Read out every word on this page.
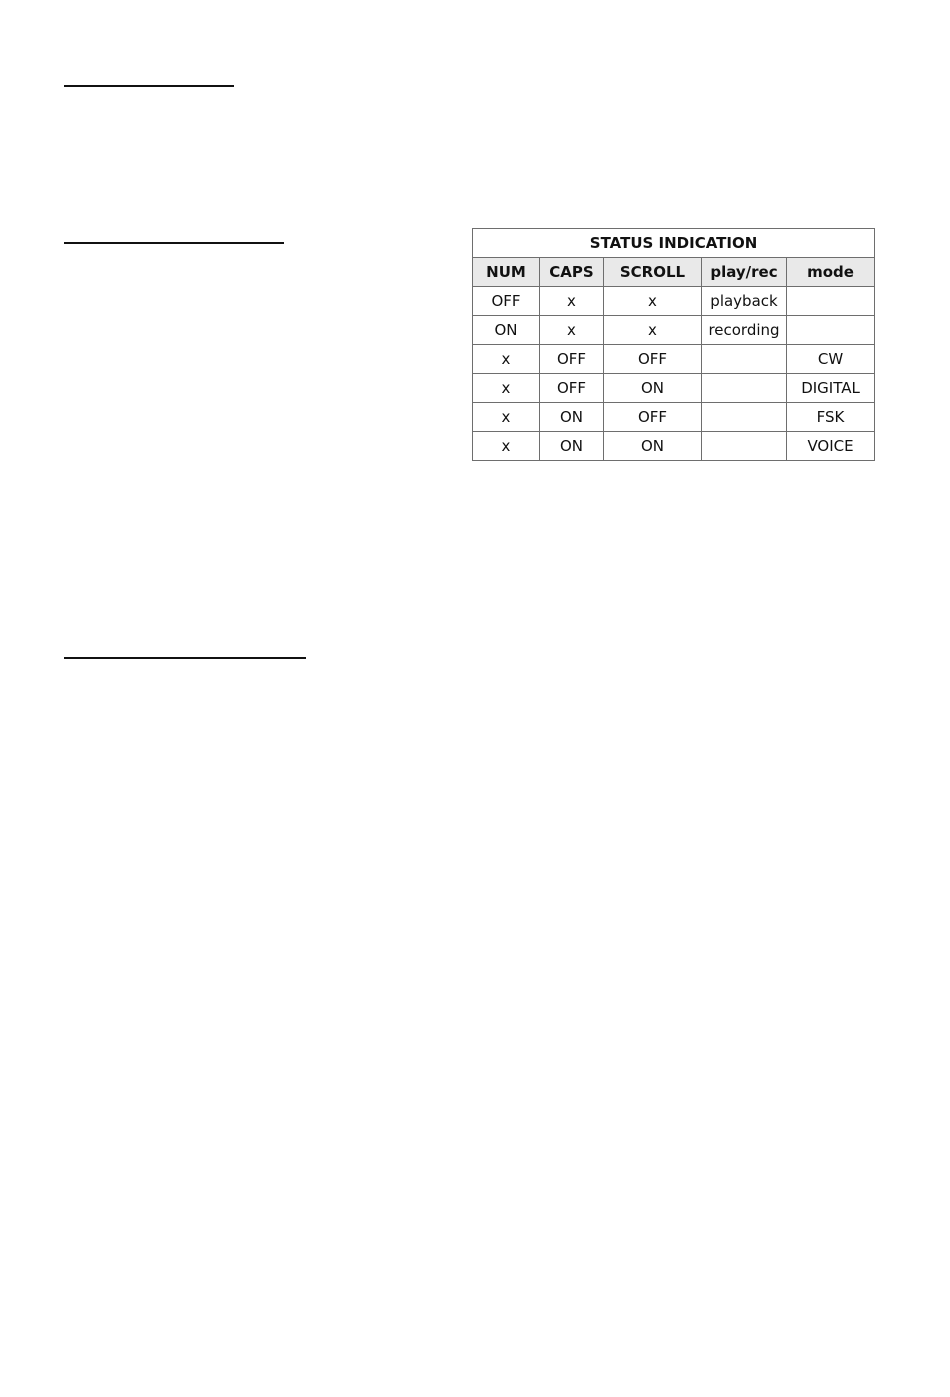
STATUS INDICATION				
NUM	CAPS	SCROLL	play/rec	mode
OFF	x	x	playback	
ON	x	x	recording	
x	OFF	OFF		CW
x	OFF	ON		DIGITAL
x	ON	OFF		FSK
x	ON	ON		VOICE
